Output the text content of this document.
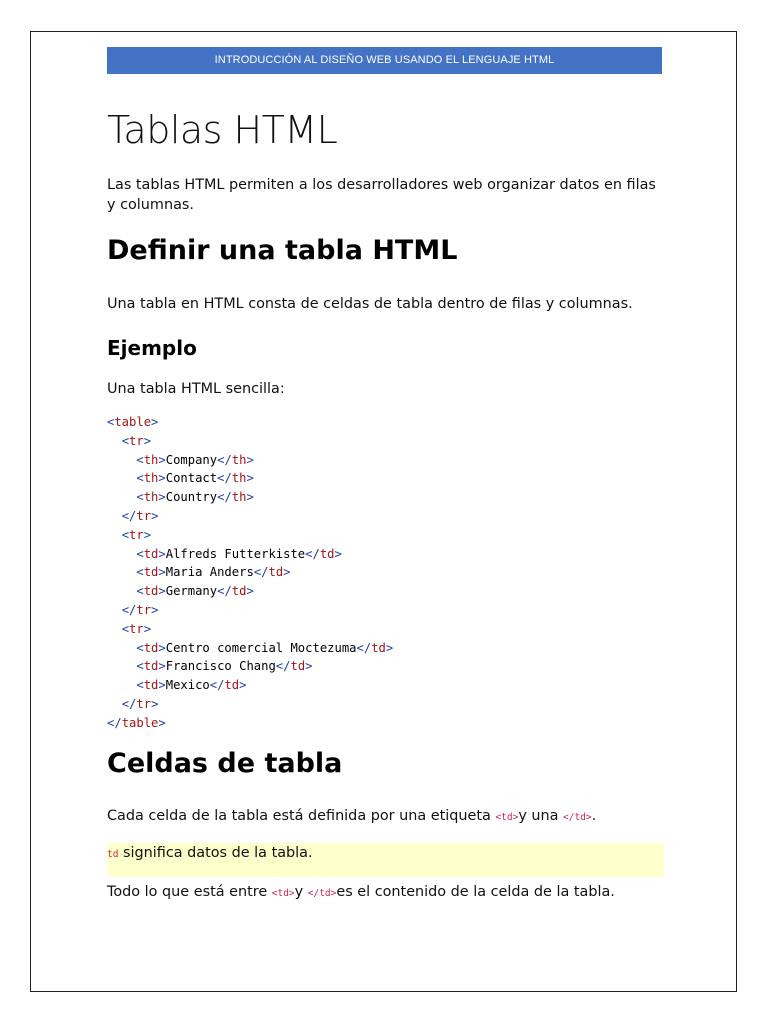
INTRODUCCIÓN AL DISEÑO WEB USANDO EL LENGUAJE HTML
Tablas HTML

Las tablas HTML permiten a los desarrolladores web organizar datos en filas y columnas.

Definir una tabla HTML

Una tabla en HTML consta de celdas de tabla dentro de filas y columnas.

Ejemplo

Una tabla HTML sencilla:

<table>
<tr>
<th>Company</th>
<th>Contact</th>
<th>Country</th>
</tr>
<tr>
<td>Alfreds Futterkiste</td>
<td>Maria Anders</td>
<td>Germany</td>
</tr>
<tr>
<td>Centro comercial Moctezuma</td>
<td>Francisco Chang</td>
<td>Mexico</td>
</tr>
</table>
Celdas de tabla

Cada celda de la tabla está definida por una etiqueta <td>y una </td>.

td significa datos de la tabla.

Todo lo que está entre <td>y </td>es el contenido de la celda de la tabla.
